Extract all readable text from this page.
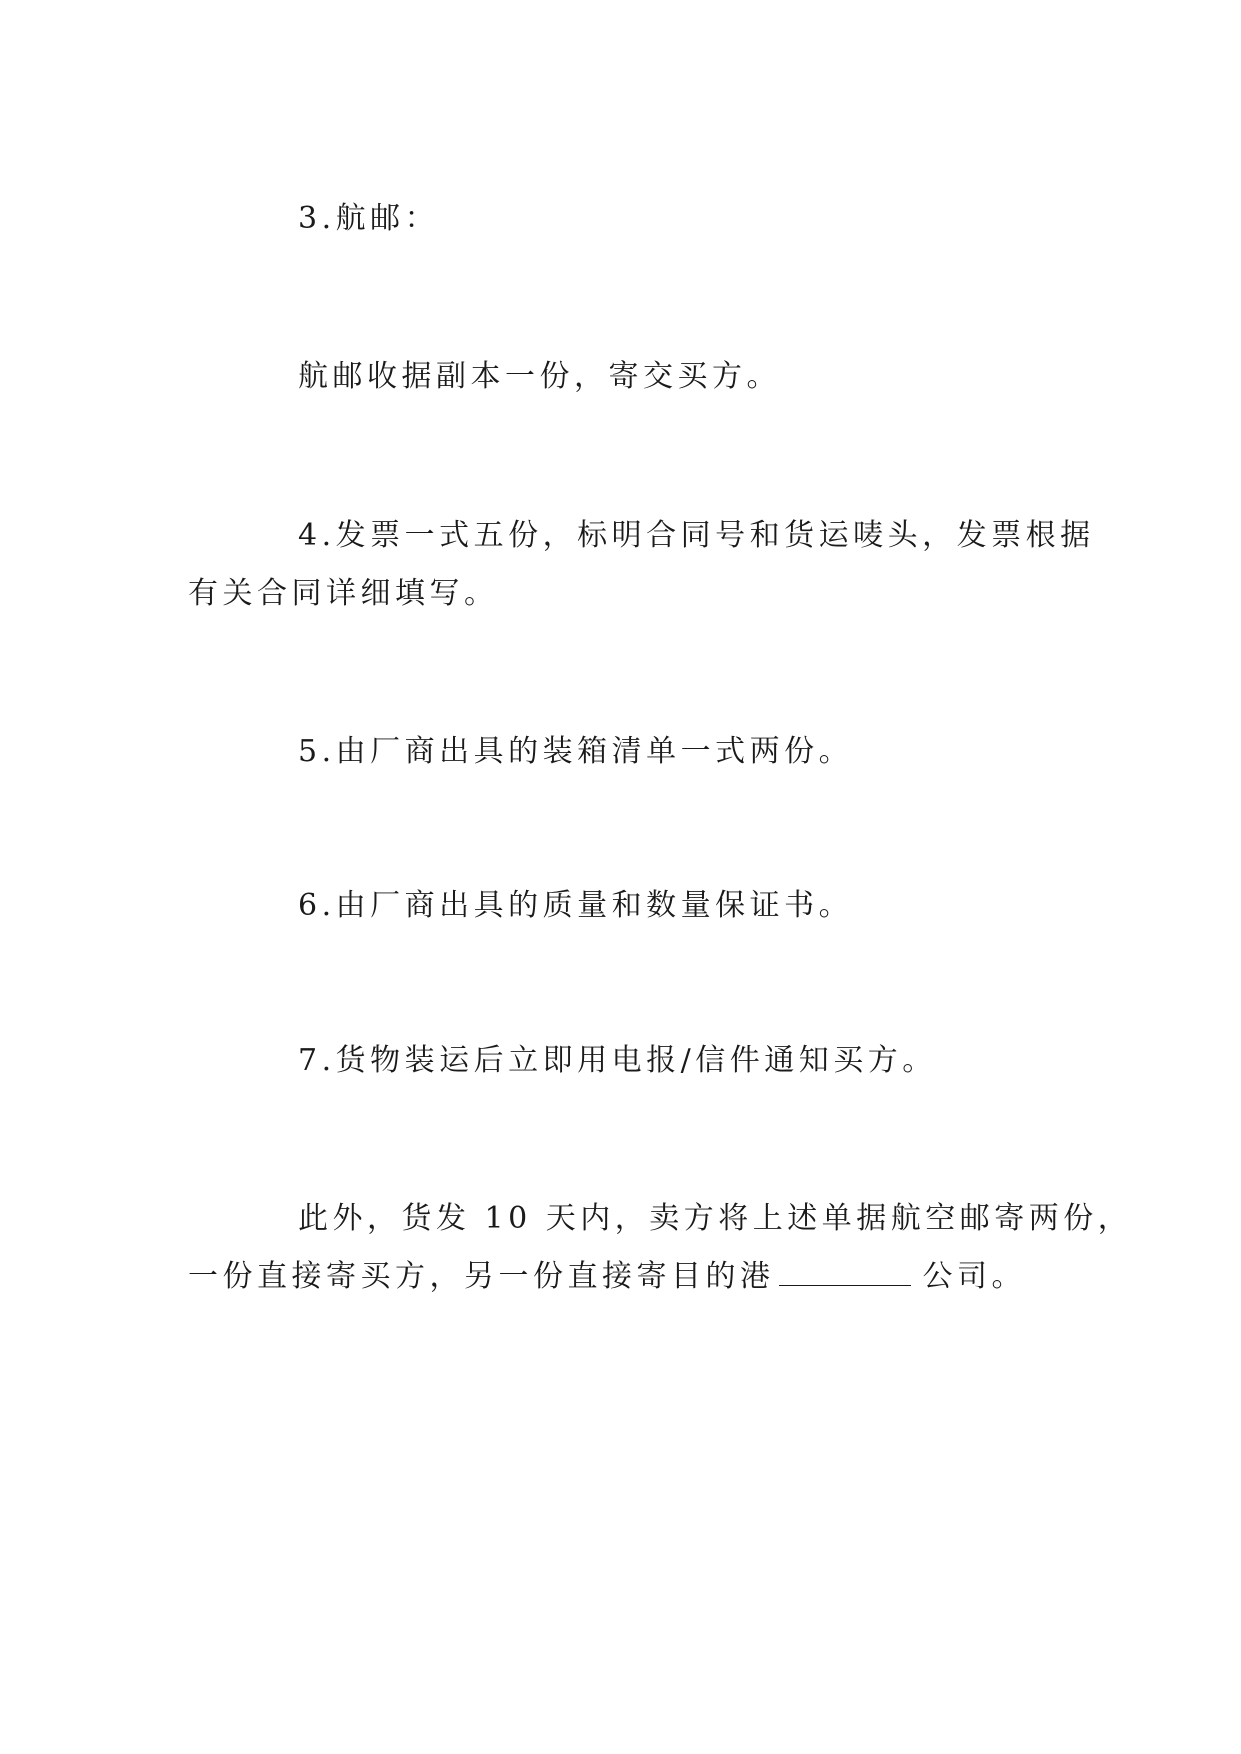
3.航邮：

航邮收据副本一份，寄交买方。

4.发票一式五份，标明合同号和货运唛头，发票根据
有关合同详细填写。

5.由厂商出具的装箱清单一式两份。

6.由厂商出具的质量和数量保证书。

7.货物装运后立即用电报/信件通知买方。

此外，货发 10 天内，卖方将上述单据航空邮寄两份，
一份直接寄买方，另一份直接寄目的港	公司。
